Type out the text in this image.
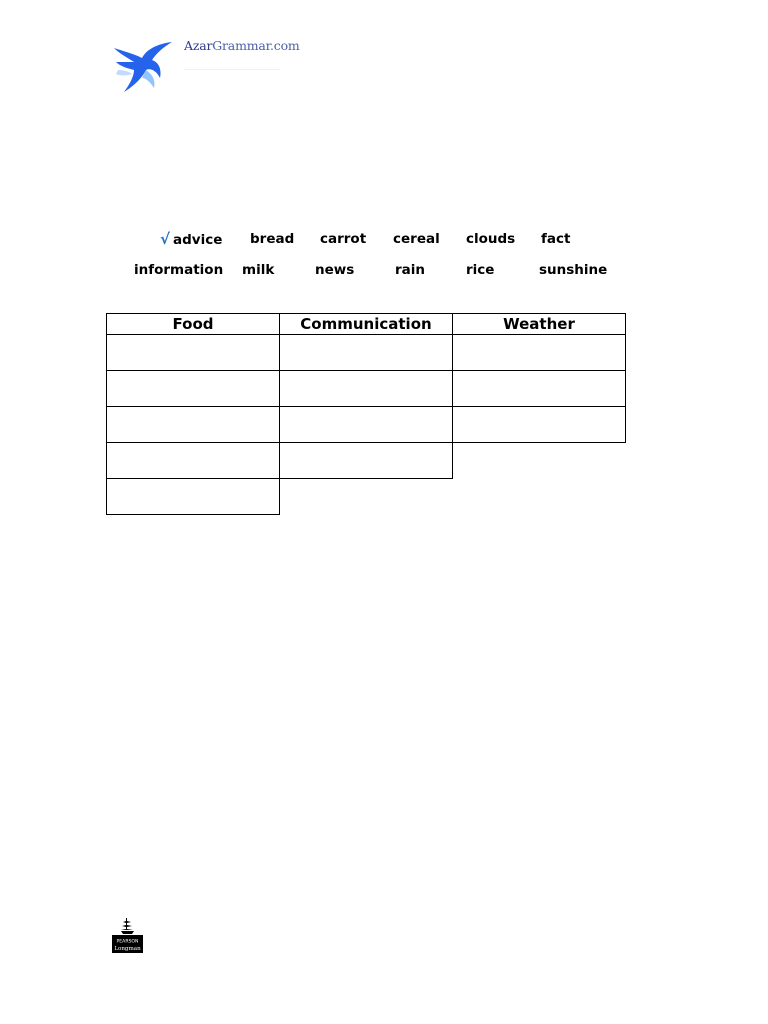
AzarGrammar.com
√ advice bread carrot cereal clouds fact
information milk	news	rain	rice	sunshine
Food	Communication	Weather

PEARSON
Longman
